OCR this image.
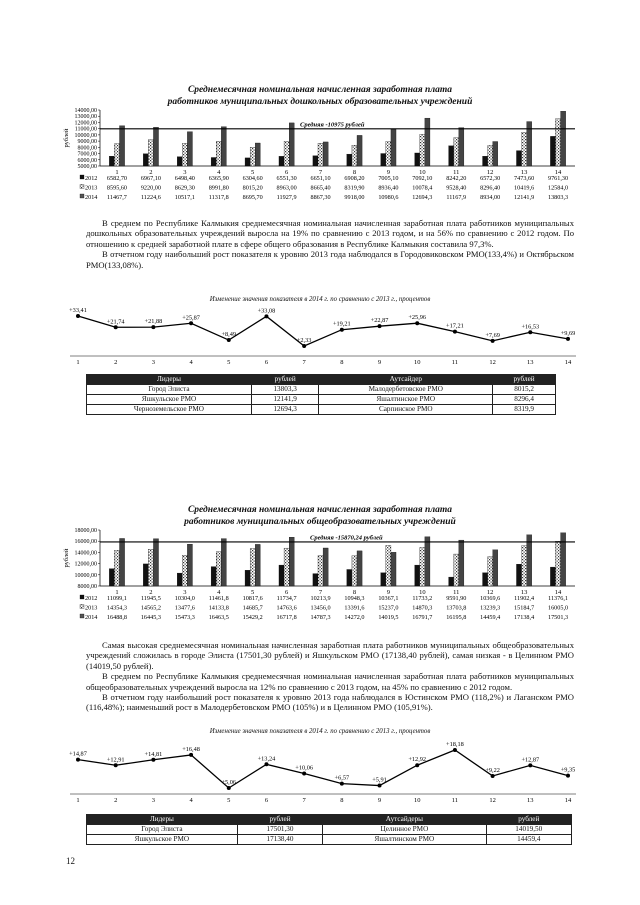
Среднемесячная номинальная начисленная заработная плата
работников муниципальных дошкольных образовательных учреждений
14000,00
13000,00
12000,00
11000,00
10000,00
9000,00
8000,00
7000,00
6000,00
5000,00
рублей
1	2	3	4	5	6	7	8	9	10	11	12	13	14
Средняя -10975 рублей
2012 6582,70 6967,10 6498,40 6365,90 6304,60 6551,30 6651,10 6908,20 7005,10 7092,10 8242,20 6572,30 7473,60 9761,30
2013 8595,60 9220,00 8629,30 8991,80 8015,20 8963,00 8665,40 8319,90 8936,40 10078,4 9528,40 8296,40 10419,6 12584,0
2014 11467,7 11224,6 10517,1 11317,8 8695,70 11927,9 8867,30 9918,00 10980,6 12694,3 11167,9 8934,00 12141,9 13803,3

В среднем по Республике Калмыкия среднемесячная номинальная начисленная заработная плата работников муниципальных дошкольных образовательных учреждений выросла на 19% по сравнению с 2013 годом, и на 56% по сравнению с 2012 годом. По отношению к средней заработной плате в сфере общего образования в Республике Калмыкия составила 97,3%.

В отчетном году наибольший рост показателя к уровню 2013 года наблюдался в Городовиковском РМО(133,4%) и Октябрьском РМО(133,08%).

Изменение значения показателя в 2014 г. по сравнению с 2013 г., процентов
+33,41
1
+21,74
2
+21,88
3
+25,87
4
+8,49
5
+33,08
6
+2,33
7
+19,21
8
+22,87
9
+25,96
10
+17,21
11
+7,69
12
+16,53
13
+9,69
14
Лидеры	рублей	Аутсайдер	рублей
Город Элиста	13803,3	Малодербетовское РМО	8015,2
Яшкульское РМО	12141,9	Яшалтинское РМО	8296,4
Черноземельское РМО	12694,3	Сарпинское РМО	8319,9
Среднемесячная номинальная начисленная заработная плата
работников муниципальных общеобразовательных учреждений
18000,00
16000,00
14000,00
12000,00
10000,00
8000,00
рублей
1	2	3	4	5	6	7	8	9	10	11	12	13	14
Средняя -15870,24 рублей
2012 11099,1 11945,5 10304,0 11461,8 10817,6 11734,7 10213,9 10948,3 10367,1 11733,2 9591,90 10369,6 11902,4 11376,1
2013 14354,3 14565,2 13477,6 14133,8 14685,7 14763,6 13456,0 13391,6 15237,0 14870,3 13703,8 13239,3 15184,7 16005,0
2014 16488,8 16445,3 15473,3 16463,5 15429,2 16717,8 14787,3 14272,0 14019,5 16791,7 16195,8 14459,4 17138,4 17501,3

Самая высокая среднемесячная номинальная начисленная заработная плата работников муниципальных общеобразовательных учреждений сложилась в городе Элиста (17501,30 рублей) и Яшкульском РМО (17138,40 рублей), самая низкая - в Целинном РМО (14019,50 рублей).

В среднем по Республике Калмыкия среднемесячная номинальная начисленная заработная плата работников муниципальных общеобразовательных учреждений выросла на 12% по сравнению с 2013 годом, на 45% по сравнению с 2012 годом.

В отчетном году наибольший рост показателя к уровню 2013 года наблюдался в Юстинском РМО (118,2%) и Лаганском РМО (116,48%); наименьший рост в Малодербетовском РМО (105%) и в Целинном РМО (105,91%).

Изменение значения показателя в 2014 г. по сравнению с 2013 г., процентов
+14,87
1
+12,91
2
+14,81
3
+16,48
4
+5,06
5
+13,24
6
+10,06
7
+6,57
8
+5,91
9
+12,92
10
+18,18
11
+9,22
12
+12,87
13
+9,35
14
Лидеры	рублей	Аутсайдеры	рублей
Город Элиста	17501,30	Целинное РМО	14019,50
Яшкульское РМО	17138,40	Яшалтинском РМО	14459,4
12
